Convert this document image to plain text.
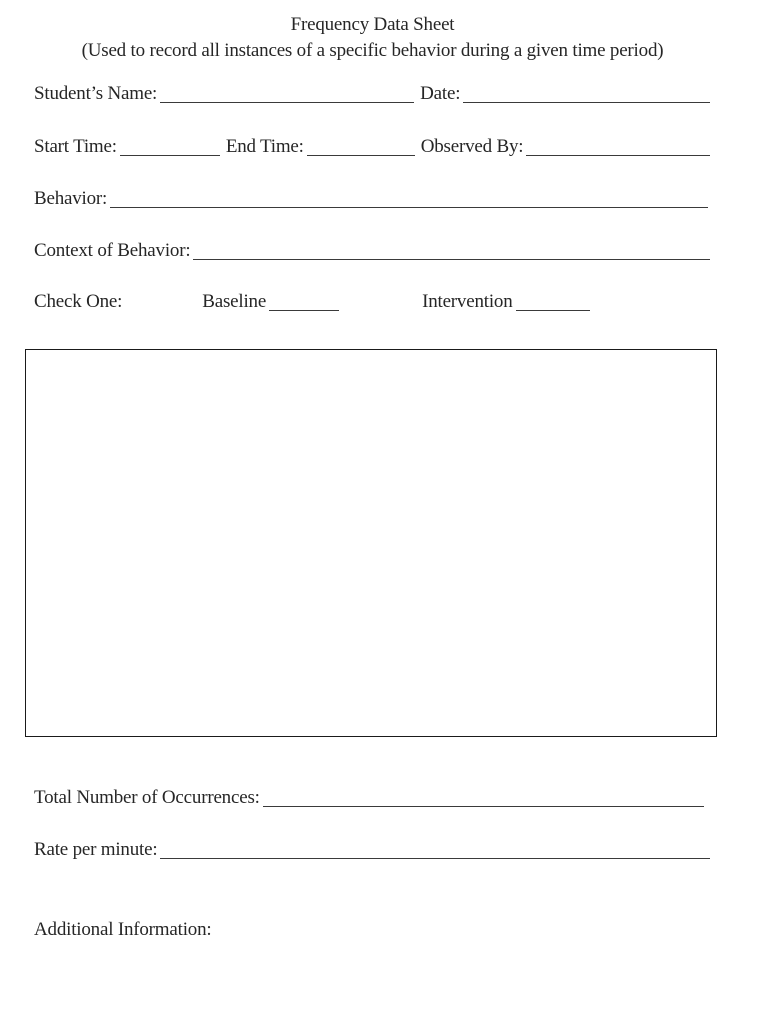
Frequency Data Sheet
(Used to record all instances of a specific behavior during a given time period)
Student’s Name:	Date:
Start Time:	End Time:	Observed By:
Behavior:
Context of Behavior:
Check One:	Baseline	Intervention
Total Number of Occurrences:
Rate per minute:
Additional Information:
